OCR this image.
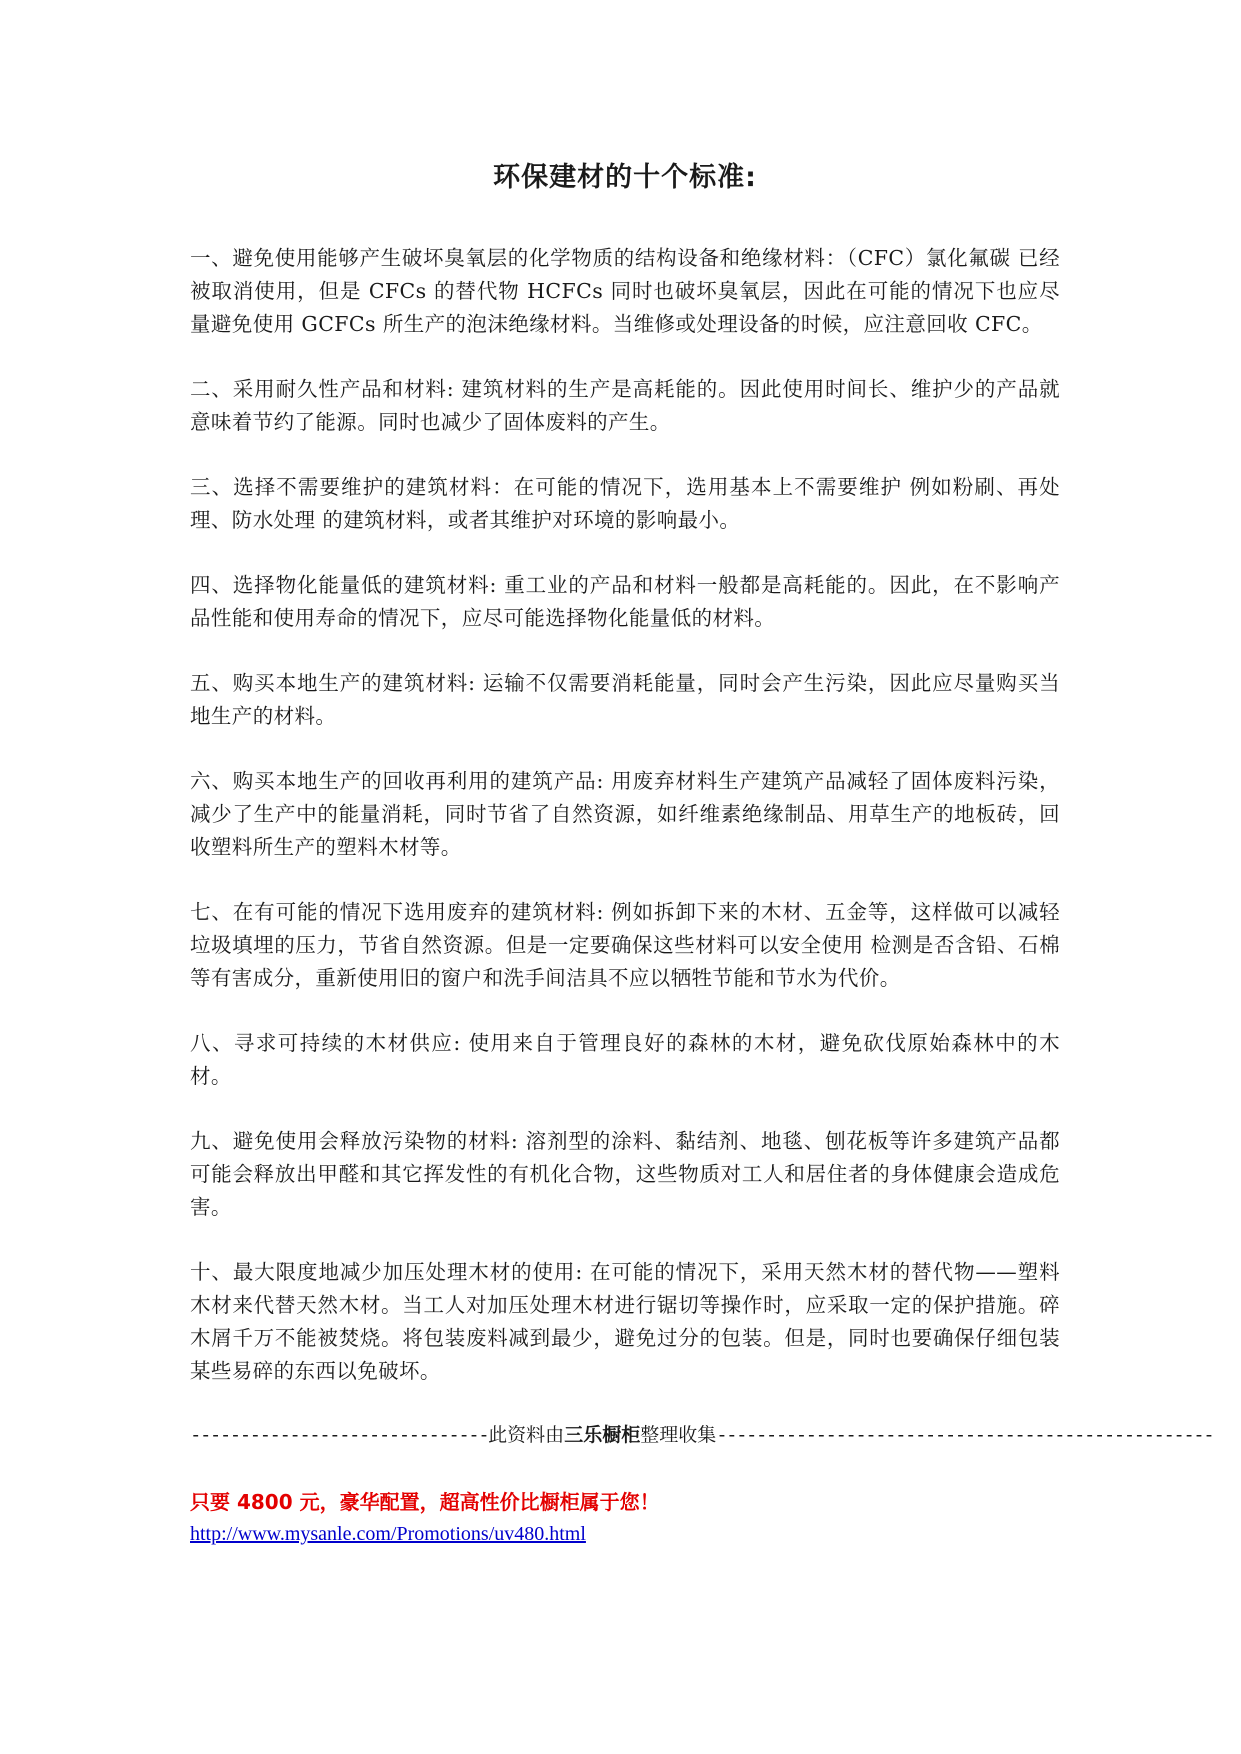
环保建材的十个标准:

一、避免使用能够产生破坏臭氧层的化学物质的结构设备和绝缘材料：（CFC）氯化氟碳 已经被取消使用，但是 CFCs 的替代物 HCFCs 同时也破坏臭氧层，因此在可能的情况下也应尽量避免使用 GCFCs 所生产的泡沫绝缘材料。当维修或处理设备的时候，应注意回收 CFC。

二、采用耐久性产品和材料: 建筑材料的生产是高耗能的。因此使用时间长、维护少的产品就意味着节约了能源。同时也减少了固体废料的产生。

三、选择不需要维护的建筑材料：在可能的情况下，选用基本上不需要维护 例如粉刷、再处理、防水处理 的建筑材料，或者其维护对环境的影响最小。

四、选择物化能量低的建筑材料: 重工业的产品和材料一般都是高耗能的。因此，在不影响产品性能和使用寿命的情况下，应尽可能选择物化能量低的材料。

五、购买本地生产的建筑材料: 运输不仅需要消耗能量，同时会产生污染，因此应尽量购买当地生产的材料。

六、购买本地生产的回收再利用的建筑产品: 用废弃材料生产建筑产品减轻了固体废料污染，减少了生产中的能量消耗，同时节省了自然资源，如纤维素绝缘制品、用草生产的地板砖，回收塑料所生产的塑料木材等。

七、在有可能的情况下选用废弃的建筑材料: 例如拆卸下来的木材、五金等，这样做可以减轻垃圾填埋的压力，节省自然资源。但是一定要确保这些材料可以安全使用 检测是否含铅、石棉等有害成分，重新使用旧的窗户和洗手间洁具不应以牺牲节能和节水为代价。

八、寻求可持续的木材供应: 使用来自于管理良好的森林的木材，避免砍伐原始森林中的木材。

九、避免使用会释放污染物的材料: 溶剂型的涂料、黏结剂、地毯、刨花板等许多建筑产品都可能会释放出甲醛和其它挥发性的有机化合物，这些物质对工人和居住者的身体健康会造成危害。

十、最大限度地减少加压处理木材的使用: 在可能的情况下，采用天然木材的替代物——塑料木材来代替天然木材。当工人对加压处理木材进行锯切等操作时，应采取一定的保护措施。碎木屑千万不能被焚烧。将包装废料减到最少，避免过分的包装。但是，同时也要确保仔细包装某些易碎的东西以免破坏。

------------------------------此资料由三乐橱柜整理收集--------------------------------------------------

只要 4800 元，豪华配置，超高性价比橱柜属于您！

http://www.mysanle.com/Promotions/uv480.html
